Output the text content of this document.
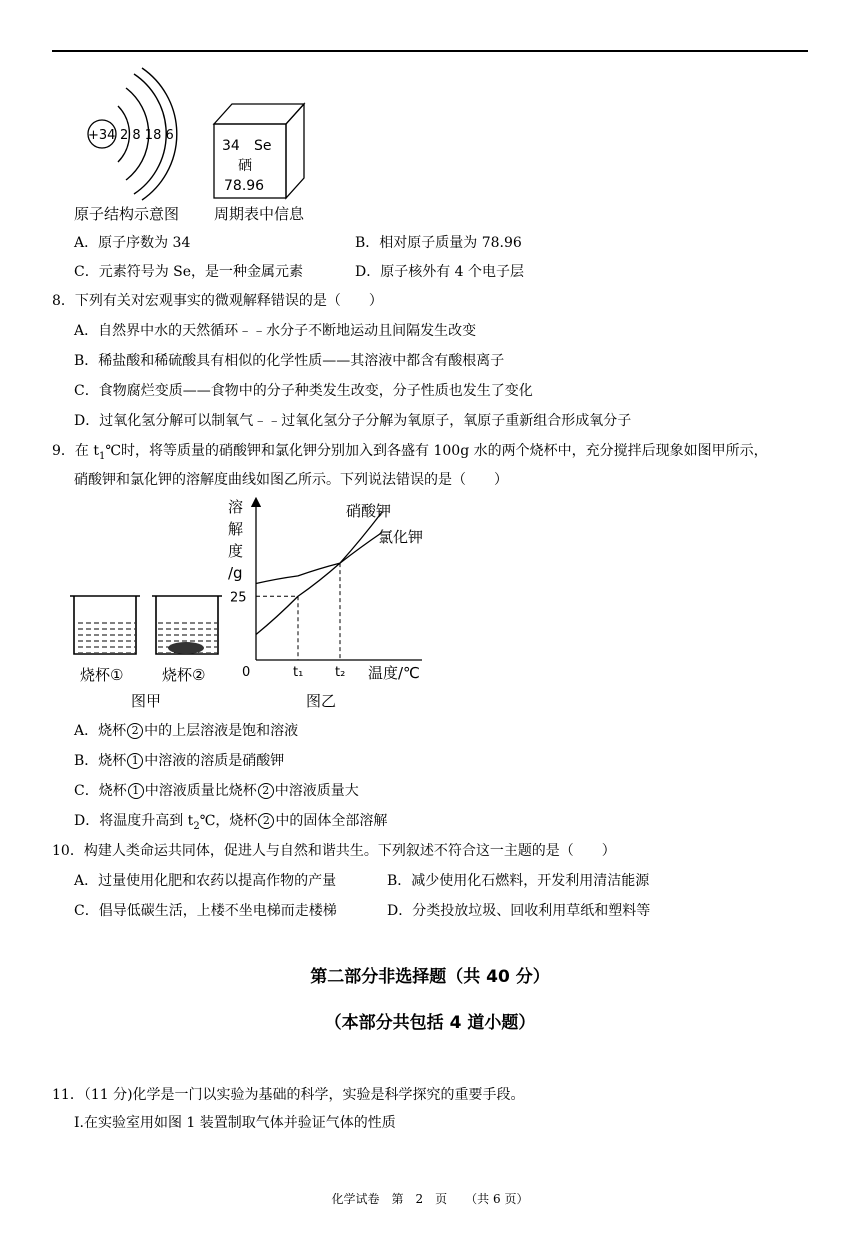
+34 2 8 18 6
原子结构示意图
34 Se
硒
78.96
周期表中信息
A．原子序数为 34	B．相对原子质量为 78.96
C．元素符号为 Se，是一种金属元素	D．原子核外有 4 个电子层
8．下列有关对宏观事实的微观解释错误的是（　　）
A．自然界中水的天然循环﹣﹣水分子不断地运动且间隔发生改变
B．稀盐酸和稀硫酸具有相似的化学性质——其溶液中都含有酸根离子
C．食物腐烂变质——食物中的分子种类发生改变，分子性质也发生了变化
D．过氧化氢分解可以制氧气﹣﹣过氧化氢分子分解为氧原子，氧原子重新组合形成氧分子
9．在 $t_1℃$时，将等质量的硝酸钾和氯化钾分别加入到各盛有 100g 水的两个烧杯中，充分搅拌后现象如图甲所示，
硝酸钾和氯化钾的溶解度曲线如图乙所示。下列说法错误的是（　　）
烧杯①	烧杯②
图甲
溶
解
度
/g
硝酸钾
氯化钾
25
0	t₁ t₂ 温度/℃
图乙
A．烧杯 2 中的上层溶液是饱和溶液
B．烧杯 1 中溶液的溶质是硝酸钾
C．烧杯 1 中溶液质量比烧杯 2 中溶液质量大
D．将温度升高到 $t_2℃$，烧杯 2 中的固体全部溶解
10．构建人类命运共同体，促进人与自然和谐共生。下列叙述不符合这一主题的是（　　）
A．过量使用化肥和农药以提高作物的产量	B．减少使用化石燃料，开发利用清洁能源
C．倡导低碳生活，上楼不坐电梯而走楼梯	D．分类投放垃圾、回收利用草纸和塑料等
第二部分非选择题（共 40 分）
（本部分共包括 4 道小题）
11．（11 分)化学是一门以实验为基础的科学，实验是科学探究的重要手段。
Ⅰ.在实验室用如图 1 装置制取气体并验证气体的性质
化学试卷　第　2　页　　（共 6 页）
